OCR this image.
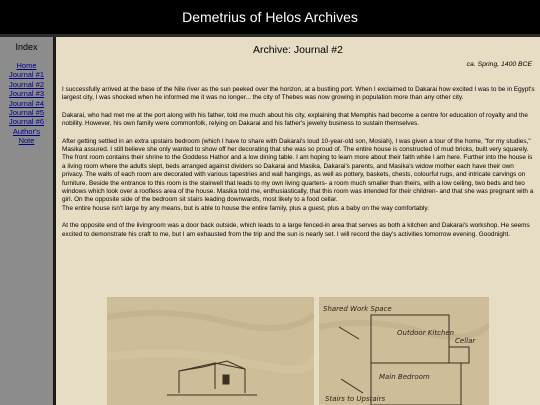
Demetrius of Helos Archives
Index
Home
Journal #1
Journal #2
Journal #3
Journal #4
Journal #5
Journal #6
Author's
Note
Archive: Journal #2
ca. Spring, 1400 BCE

I successfully arrived at the base of the Nile river as the sun peeked over the horizon, at a bustling port. When I exclaimed to Dakarai how excited I was to be in Egypt's largest city, I was shocked when he informed me it was no longer... the city of Thebes was now growing in population more than any other city.

Dakarai, who had met me at the port along with his father, told me much about his city, explaining that Memphis had become a centre for education of royalty and the nobility. However, his own family were commonfolk, relying on Dakarai and his father's jewelry business to sustain themselves.

After getting settled in an extra upstairs bedroom (which I have to share with Dakarai's loud 10-year-old son, Mosiah), I was given a tour of the home, "for my studies," Masika assured. I still believe she only wanted to show off her decorating that she was so proud of. The entire house is constructed of mud bricks, built very squarely. The front room contains their shrine to the Goddess Hathor and a low dining table. I am hoping to learn more about their faith while I am here. Further into the house is a living room where the adults slept, beds arranged against dividers so Dakarai and Masika, Dakarai's parents, and Masika's widow mother each have their own privacy. The walls of each room are decorated with various tapestries and wall hangings, as well as pottery, baskets, chests, colourful rugs, and intricate carvings on furniture. Beside the entrance to this room is the stairwell that leads to my own living quarters- a room much smaller than theirs, with a low ceiling, two beds and two windows which look over a roofless area of the house. Masika told me, enthusiastically, that this room was intended for their children- and that she was pregnant with a girl. On the opposite side of the bedroom sit stairs leading downwards, most likely to a food cellar.

The entire house isn't large by any means, but is able to house the entire family, plus a guest, plus a baby on the way comfortably.

At the opposite end of the livingroom was a door back outside, which leads to a large fenced-in area that serves as both a kitchen and Dakarai's workshop. He seems excited to demonstrate his craft to me, but I am exhausted from the trip and the sun is nearly set. I will record the day's activities tomorrow evening. Goodnight.

Shared Work Space
Outdoor Kitchen
Cellar
Main Bedroom
Stairs to Upstairs
